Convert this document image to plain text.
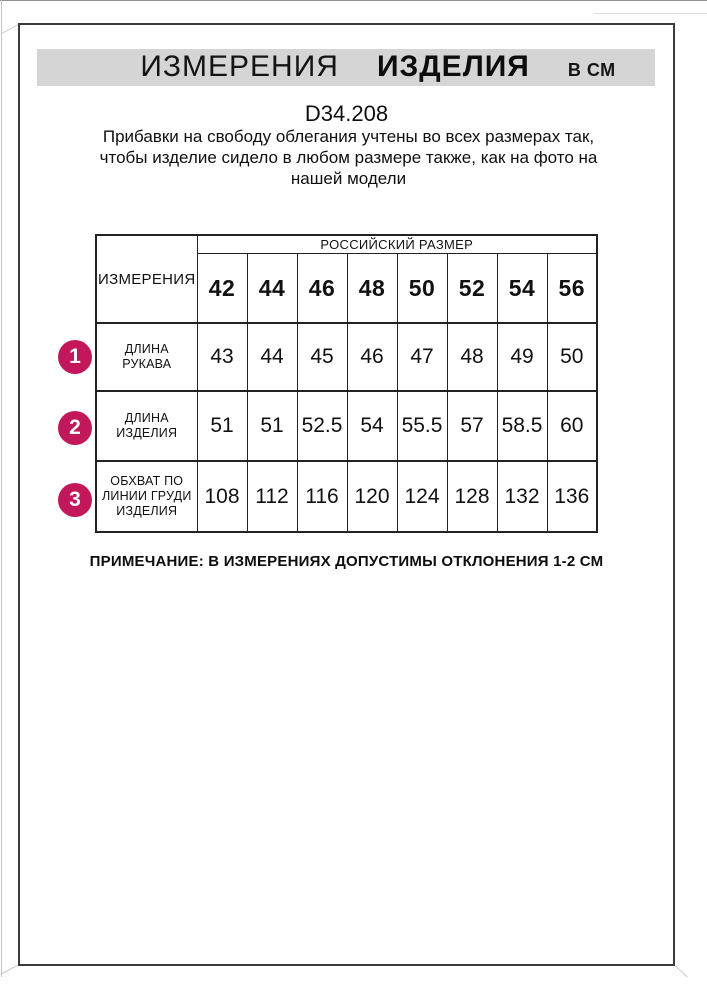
ИЗМЕРЕНИЯ ИЗДЕЛИЯ В СМ
D34.208
Прибавки на свободу облегания учтены во всех размерах так, чтобы изделие сидело в любом размере также, как на фото на нашей модели
ИЗМЕРЕНИЯ	РОССИЙСКИЙ РАЗМЕР							
	42	44	46	48	50	52	54	56
ДЛИНА РУКАВА	43	44	45	46	47	48	49	50
ДЛИНА ИЗДЕЛИЯ	51	51	52.5	54	55.5	57	58.5	60
ОБХВАТ ПО ЛИНИИ ГРУДИ ИЗДЕЛИЯ	108	112	116	120	124	128	132	136
1
2
3
ПРИМЕЧАНИЕ: В ИЗМЕРЕНИЯХ ДОПУСТИМЫ ОТКЛОНЕНИЯ 1-2 СМ
